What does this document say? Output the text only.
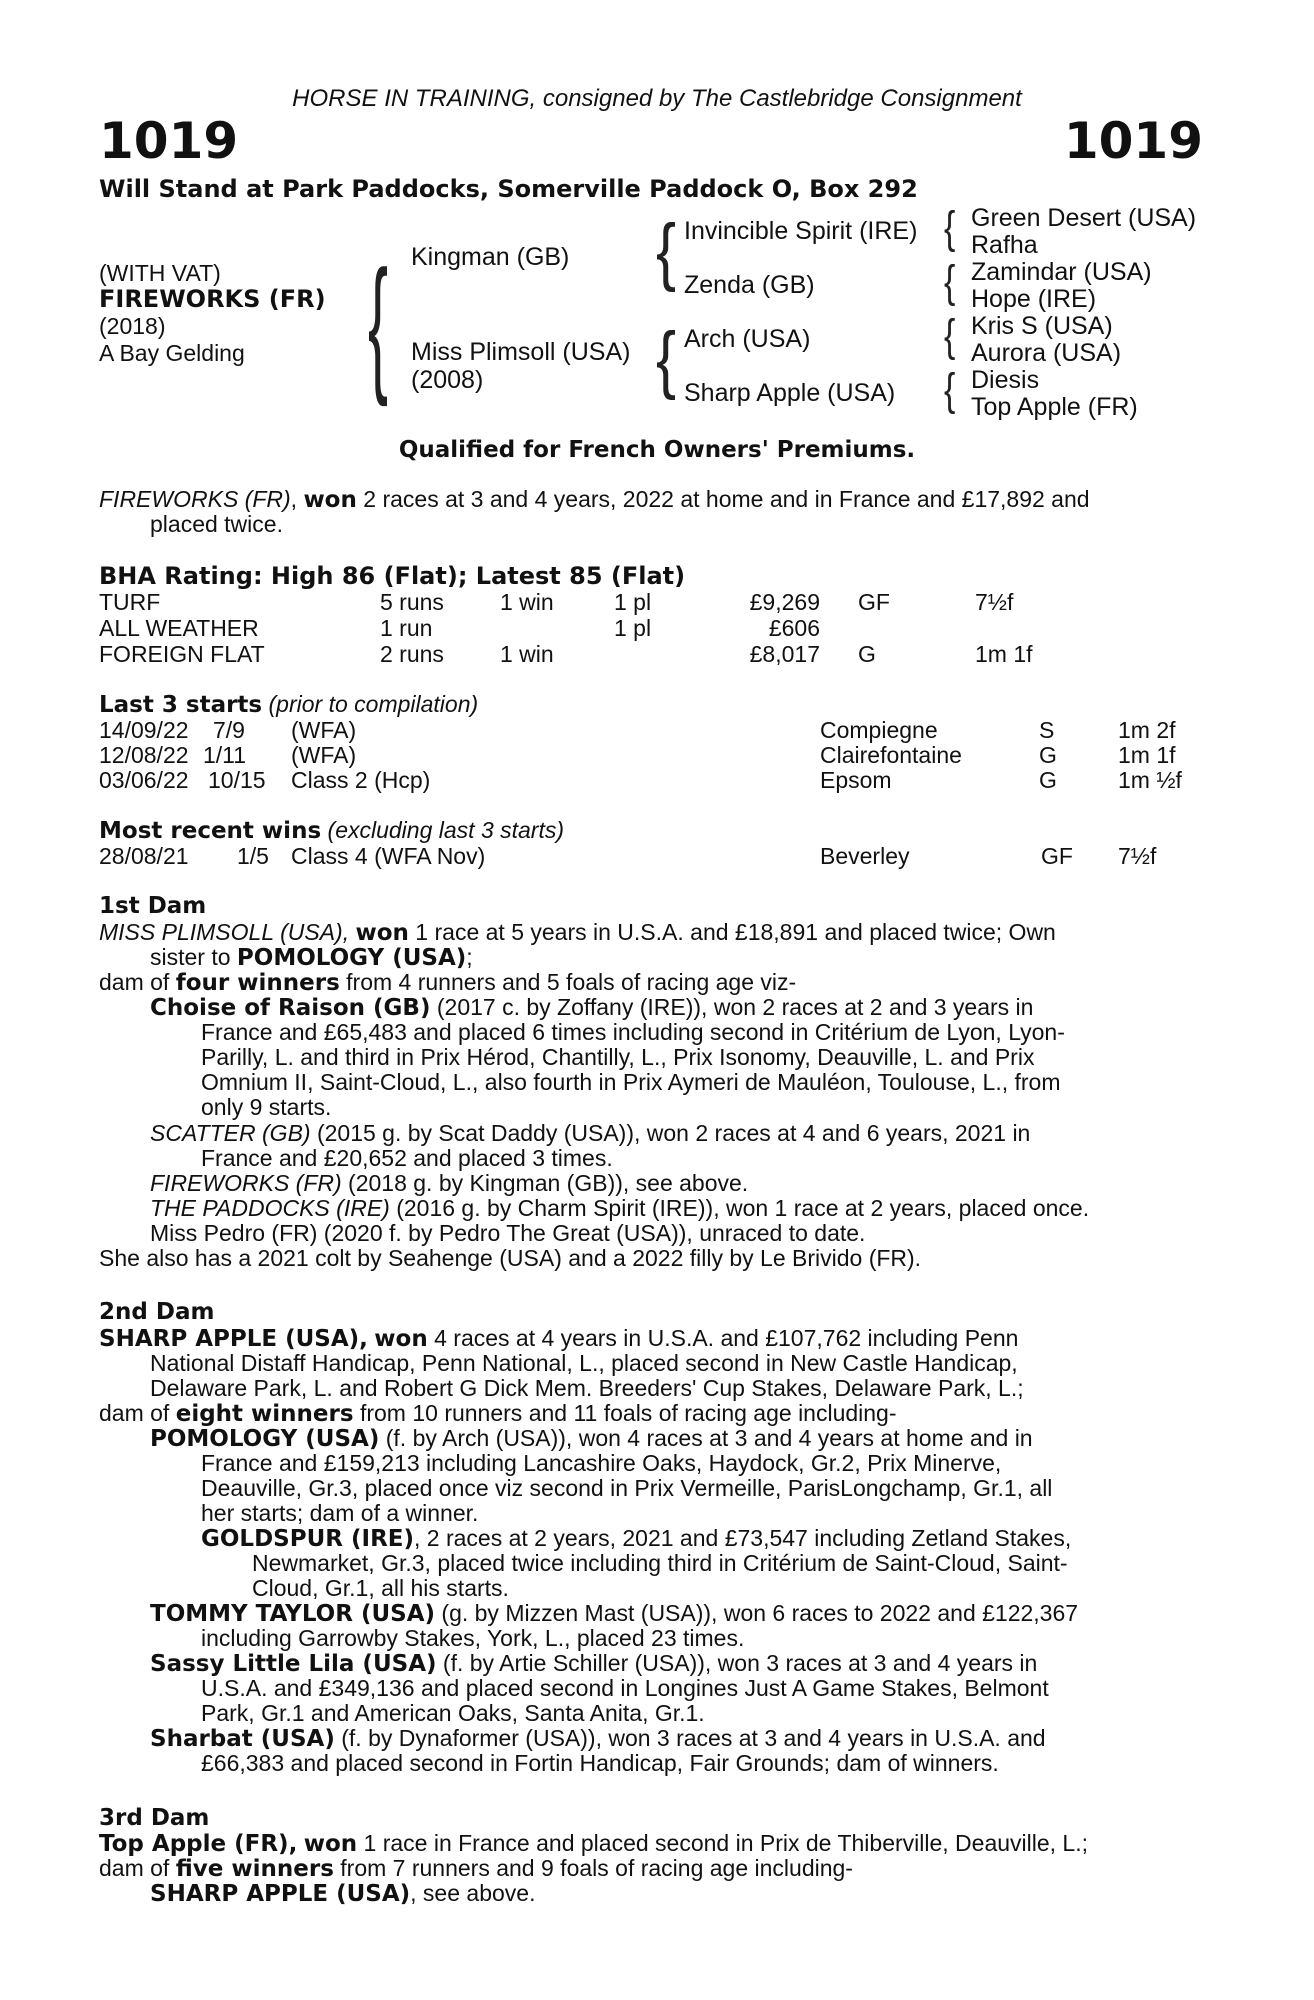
HORSE IN TRAINING, consigned by The Castlebridge Consignment
1019	1019
Will Stand at Park Paddocks, Somerville Paddock O, Box 292
(WITH VAT)
FIREWORKS (FR)
(2018)
A Bay Gelding { Kingman (GB)
Miss Plimsoll (USA)
(2008)
{ Invincible Spirit (IRE)
Zenda (GB)
{ Arch (USA)
Sharp Apple (USA)
{ Green Desert (USA)
Rafha
{ Zamindar (USA)
Hope (IRE)
{ Kris S (USA)
Aurora (USA)
{ Diesis
Top Apple (FR)
Qualified for French Owners' Premiums.
FIREWORKS (FR), won 2 races at 3 and 4 years, 2022 at home and in France and £17,892 and
placed twice.
BHA Rating: High 86 (Flat); Latest 85 (Flat)
TURF	5 runs 1 win	1 pl	£9,269 GF	7½f
ALL WEATHER	1 run	1 pl	£606
FOREIGN FLAT	2 runs 1 win	£8,017 G	1m 1f
Last 3 starts (prior to compilation)
14/09/22 7/9 (WFA)	Compiegne	S	1m 2f
12/08/22 1/11 (WFA)	Clairefontaine	G	1m 1f
03/06/22 10/15 Class 2 (Hcp)	Epsom	G	1m ½f
Most recent wins (excluding last 3 starts)
28/08/21 1/5 Class 4 (WFA Nov)	Beverley	GF 7½f
1st Dam
MISS PLIMSOLL (USA), won 1 race at 5 years in U.S.A. and £18,891 and placed twice; Own
sister to POMOLOGY (USA);
dam of four winners from 4 runners and 5 foals of racing age viz-
Choise of Raison (GB) (2017 c. by Zoffany (IRE)), won 2 races at 2 and 3 years in
France and £65,483 and placed 6 times including second in Critérium de Lyon, Lyon-
Parilly, L. and third in Prix Hérod, Chantilly, L., Prix Isonomy, Deauville, L. and Prix
Omnium II, Saint-Cloud, L., also fourth in Prix Aymeri de Mauléon, Toulouse, L., from
only 9 starts.
SCATTER (GB) (2015 g. by Scat Daddy (USA)), won 2 races at 4 and 6 years, 2021 in
France and £20,652 and placed 3 times.
FIREWORKS (FR) (2018 g. by Kingman (GB)), see above.
THE PADDOCKS (IRE) (2016 g. by Charm Spirit (IRE)), won 1 race at 2 years, placed once.
Miss Pedro (FR) (2020 f. by Pedro The Great (USA)), unraced to date.
She also has a 2021 colt by Seahenge (USA) and a 2022 filly by Le Brivido (FR).
2nd Dam
SHARP APPLE (USA), won 4 races at 4 years in U.S.A. and £107,762 including Penn
National Distaff Handicap, Penn National, L., placed second in New Castle Handicap,
Delaware Park, L. and Robert G Dick Mem. Breeders' Cup Stakes, Delaware Park, L.;
dam of eight winners from 10 runners and 11 foals of racing age including-
POMOLOGY (USA) (f. by Arch (USA)), won 4 races at 3 and 4 years at home and in
France and £159,213 including Lancashire Oaks, Haydock, Gr.2, Prix Minerve,
Deauville, Gr.3, placed once viz second in Prix Vermeille, ParisLongchamp, Gr.1, all
her starts; dam of a winner.
GOLDSPUR (IRE), 2 races at 2 years, 2021 and £73,547 including Zetland Stakes,
Newmarket, Gr.3, placed twice including third in Critérium de Saint-Cloud, Saint-
Cloud, Gr.1, all his starts.
TOMMY TAYLOR (USA) (g. by Mizzen Mast (USA)), won 6 races to 2022 and £122,367
including Garrowby Stakes, York, L., placed 23 times.
Sassy Little Lila (USA) (f. by Artie Schiller (USA)), won 3 races at 3 and 4 years in
U.S.A. and £349,136 and placed second in Longines Just A Game Stakes, Belmont
Park, Gr.1 and American Oaks, Santa Anita, Gr.1.
Sharbat (USA) (f. by Dynaformer (USA)), won 3 races at 3 and 4 years in U.S.A. and
£66,383 and placed second in Fortin Handicap, Fair Grounds; dam of winners.
3rd Dam
Top Apple (FR), won 1 race in France and placed second in Prix de Thiberville, Deauville, L.;
dam of five winners from 7 runners and 9 foals of racing age including-
SHARP APPLE (USA), see above.
